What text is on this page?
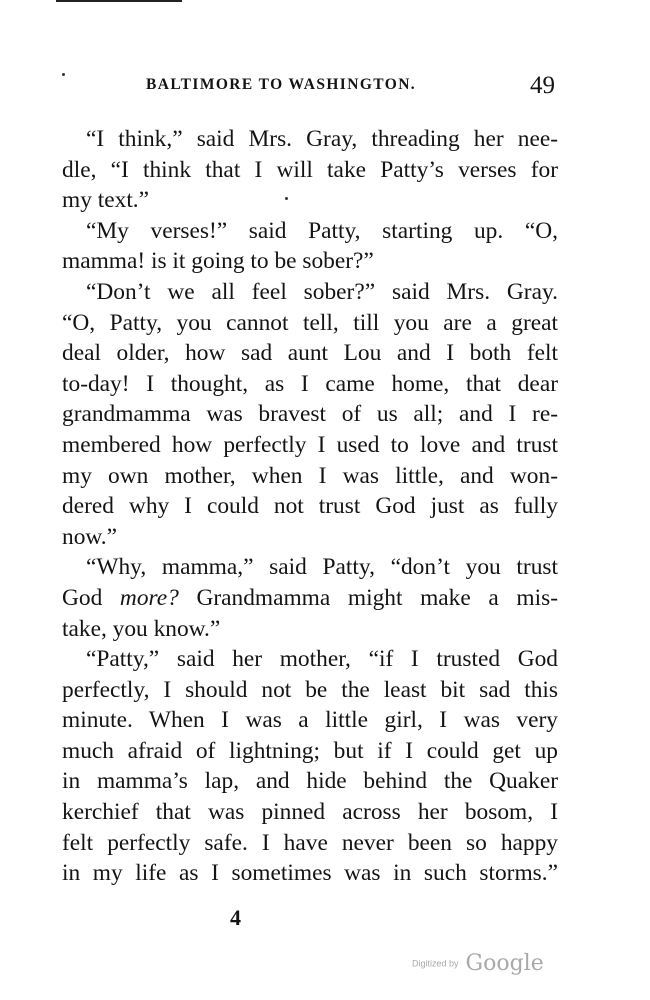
BALTIMORE TO WASHINGTON.	49
“I think,” said Mrs. Gray, threading her nee-
dle, “I think that I will take Patty’s verses for
my text.”
“My verses!” said Patty, starting up. “O,
mamma! is it going to be sober?”
“Don’t we all feel sober?” said Mrs. Gray.
“O, Patty, you cannot tell, till you are a great
deal older, how sad aunt Lou and I both felt
to-day! I thought, as I came home, that dear
grandmamma was bravest of us all; and I re-
membered how perfectly I used to love and trust
my own mother, when I was little, and won-
dered why I could not trust God just as fully
now.”
“Why, mamma,” said Patty, “don’t you trust
God more? Grandmamma might make a mis-
take, you know.”
“Patty,” said her mother, “if I trusted God
perfectly, I should not be the least bit sad this
minute. When I was a little girl, I was very
much afraid of lightning; but if I could get up
in mamma’s lap, and hide behind the Quaker
kerchief that was pinned across her bosom, I
felt perfectly safe. I have never been so happy
in my life as I sometimes was in such storms.”
4
Digitized by Google
